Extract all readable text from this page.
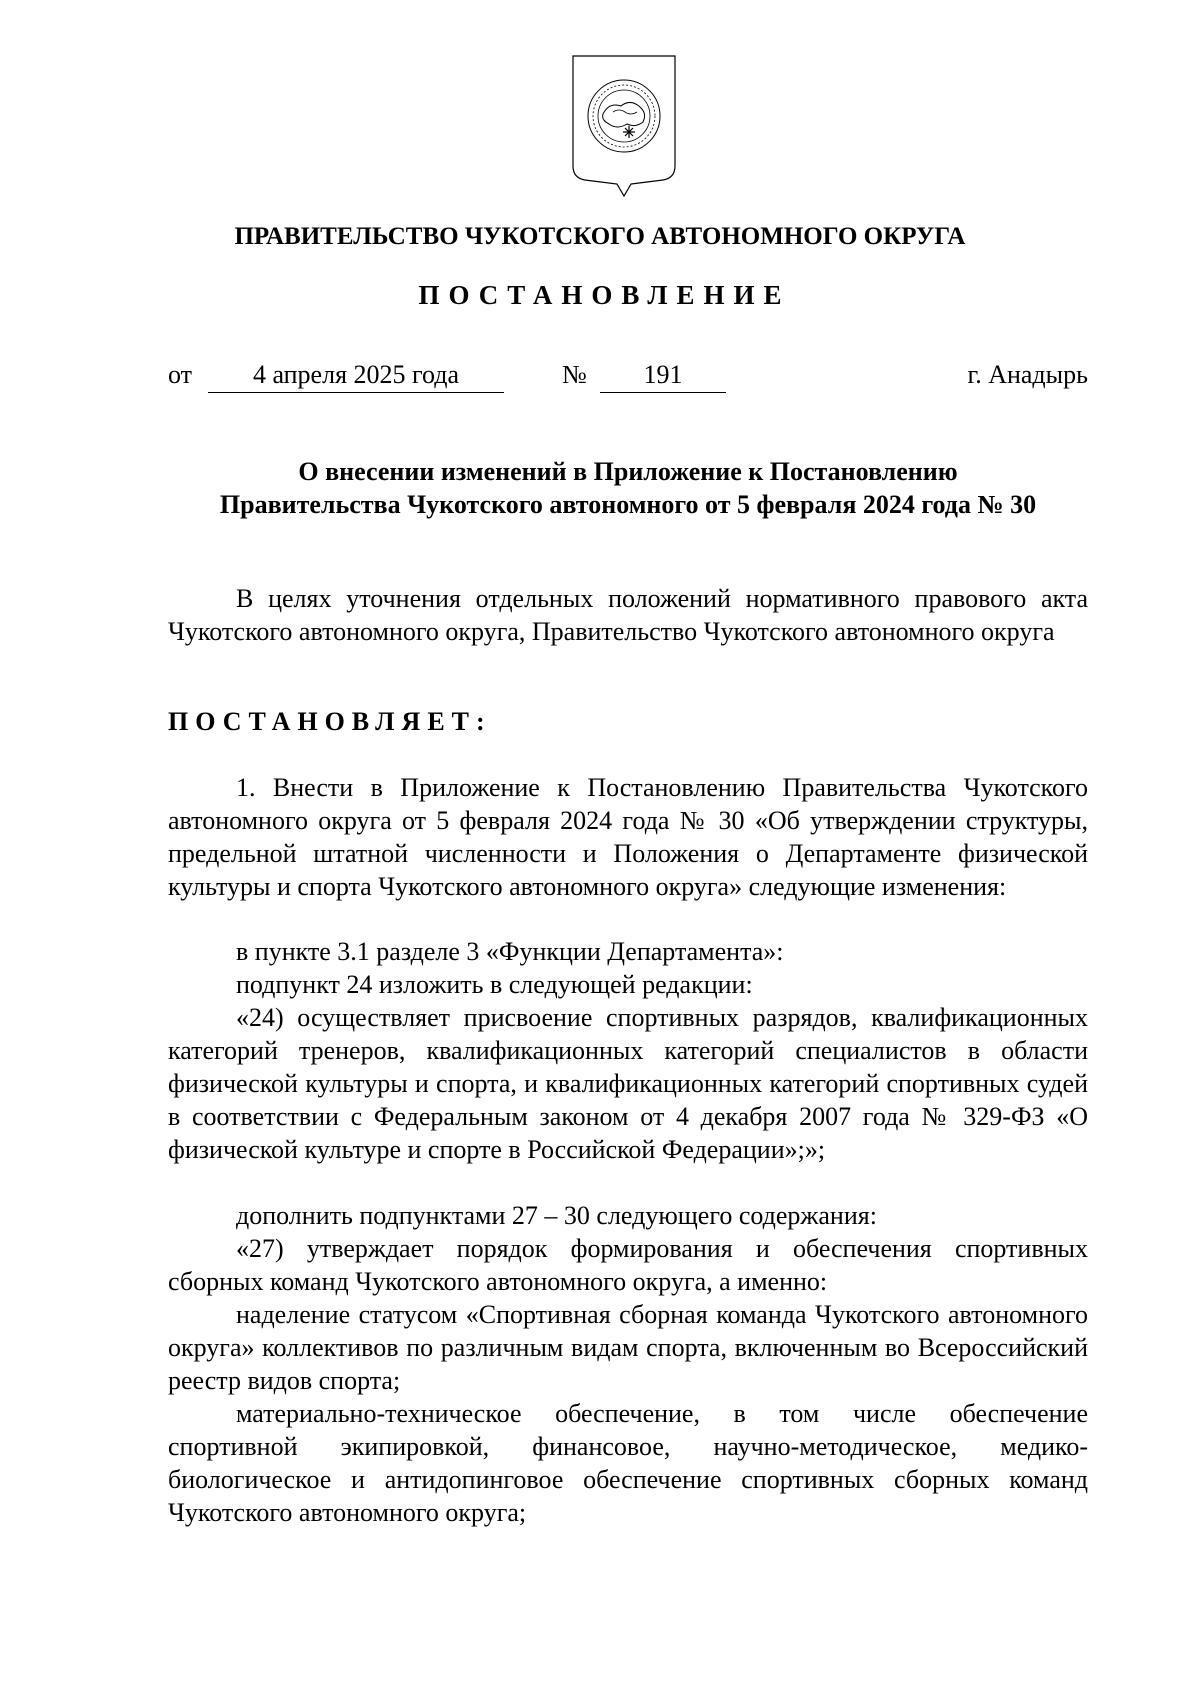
ПРАВИТЕЛЬСТВО ЧУКОТСКОГО АВТОНОМНОГО ОКРУГА
ПОСТАНОВЛЕНИЕ
от	4 апреля 2025 года	№	191	г. Анадырь
О внесении изменений в Приложение к Постановлению
Правительства Чукотского автономного от 5 февраля 2024 года № 30
В целях уточнения отдельных положений нормативного правового акта Чукотского автономного округа, Правительство Чукотского автономного округа
ПОСТАНОВЛЯЕТ:
1. Внести в Приложение к Постановлению Правительства Чукотского автономного округа от 5 февраля 2024 года № 30 «Об утверждении структуры, предельной штатной численности и Положения о Департаменте физической культуры и спорта Чукотского автономного округа» следующие изменения:
в пункте 3.1 разделе 3 «Функции Департамента»:
подпункт 24 изложить в следующей редакции:
«24) осуществляет присвоение спортивных разрядов, квалификационных категорий тренеров, квалификационных категорий специалистов в области физической культуры и спорта, и квалификационных категорий спортивных судей в соответствии с Федеральным законом от 4 декабря 2007 года № 329-ФЗ «О физической культуре и спорте в Российской Федерации»;»;
дополнить подпунктами 27 – 30 следующего содержания:
«27) утверждает порядок формирования и обеспечения спортивных сборных команд Чукотского автономного округа, а именно:
наделение статусом «Спортивная сборная команда Чукотского автономного округа» коллективов по различным видам спорта, включенным во Всероссийский реестр видов спорта;
материально-техническое обеспечение, в том числе обеспечение спортивной экипировкой, финансовое, научно-методическое, медико-биологическое и антидопинговое обеспечение спортивных сборных команд Чукотского автономного округа;
